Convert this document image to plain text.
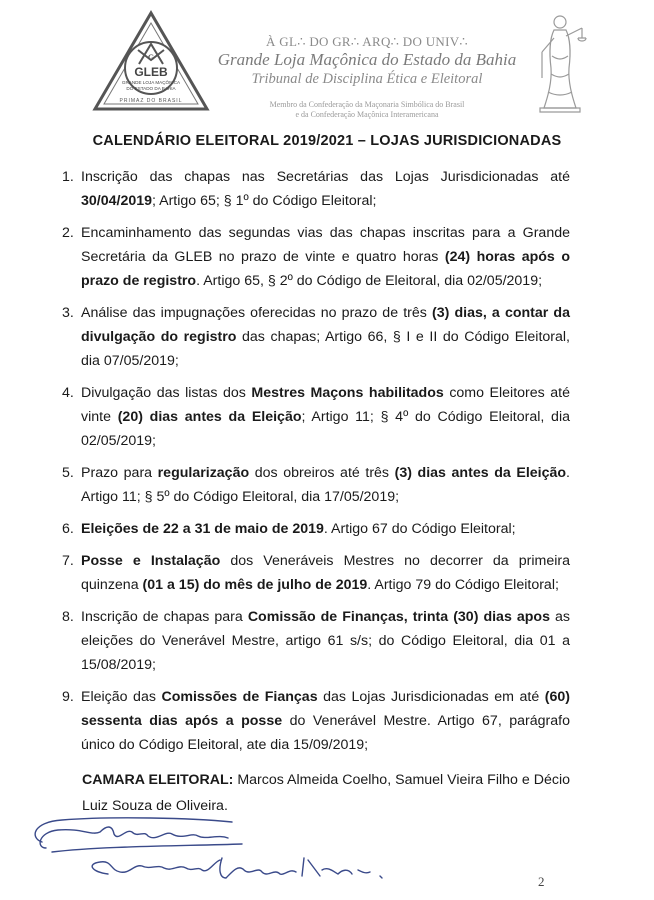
G
GLEB
GRANDE LOJA MAÇÔNICA
DO ESTADO DA BAHIA
PRIMAZ DO BRASIL
À GL∴ DO GR∴ ARQ∴ DO UNIV∴
Grande Loja Maçônica do Estado da Bahia
Tribunal de Disciplina Ética e Eleitoral
Membro da Confederação da Maçonaria Simbólica do Brasil
e da Confederação Maçônica Interamericana
CALENDÁRIO ELEITORAL 2019/2021 – LOJAS JURISDICIONADAS
1. Inscrição das chapas nas Secretárias das Lojas Jurisdicionadas até 30/04/2019; Artigo 65; § 1º do Código Eleitoral;
2. Encaminhamento das segundas vias das chapas inscritas para a Grande Secretária da GLEB no prazo de vinte e quatro horas (24) horas após o prazo de registro. Artigo 65, § 2º do Código de Eleitoral, dia 02/05/2019;
3. Análise das impugnações oferecidas no prazo de três (3) dias, a contar da divulgação do registro das chapas; Artigo 66, § I e II do Código Eleitoral, dia 07/05/2019;
4. Divulgação das listas dos Mestres Maçons habilitados como Eleitores até vinte (20) dias antes da Eleição; Artigo 11; § 4º do Código Eleitoral, dia 02/05/2019;
5. Prazo para regularização dos obreiros até três (3) dias antes da Eleição. Artigo 11; § 5º do Código Eleitoral, dia 17/05/2019;
6. Eleições de 22 a 31 de maio de 2019. Artigo 67 do Código Eleitoral;
7. Posse e Instalação dos Veneráveis Mestres no decorrer da primeira quinzena (01 a 15) do mês de julho de 2019. Artigo 79 do Código Eleitoral;
8. Inscrição de chapas para Comissão de Finanças, trinta (30) dias apos as eleições do Venerável Mestre, artigo 61 s/s; do Código Eleitoral, dia 01 a 15/08/2019;
9. Eleição das Comissões de Fianças das Lojas Jurisdicionadas em até (60) sessenta dias após a posse do Venerável Mestre. Artigo 67, parágrafo único do Código Eleitoral, ate dia 15/09/2019;
CAMARA ELEITORAL: Marcos Almeida Coelho, Samuel Vieira Filho e Décio Luiz Souza de Oliveira.
2
